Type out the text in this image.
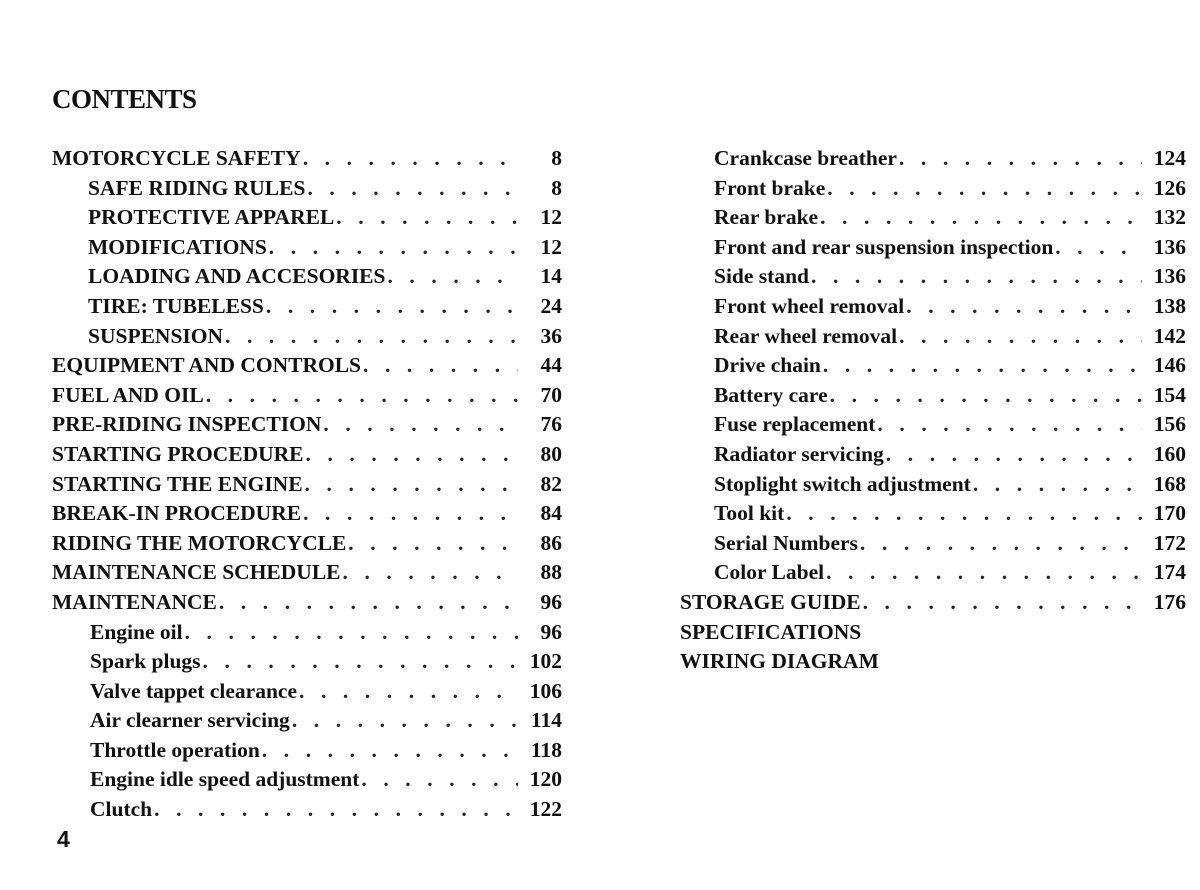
CONTENTS
MOTORCYCLE SAFETY . . .	8
SAFE RIDING RULES . . .	8
PROTECTIVE APPAREL . . .	12
MODIFICATIONS . . .	12
LOADING AND ACCESORIES . . .	14
TIRE: TUBELESS . . .	24
SUSPENSION . . .	36
EQUIPMENT AND CONTROLS . . .	44
FUEL AND OIL . . .	70
PRE-RIDING INSPECTION . . .	76
STARTING PROCEDURE . . .	80
STARTING THE ENGINE . . .	82
BREAK-IN PROCEDURE . . .	84
RIDING THE MOTORCYCLE . . .	86
MAINTENANCE SCHEDULE . . .	88
MAINTENANCE . . .	96
Engine oil . . .	96
Spark plugs . . .	102
Valve tappet clearance . . .	106
Air clearner servicing . . .	114
Throttle operation . . .	118
Engine idle speed adjustment . . .	120
Clutch . . .	122
Crankcase breather . . .	124
Front brake . . .	126
Rear brake . . .	132
Front and rear suspension inspection . . .	136
Side stand . . .	136
Front wheel removal . . .	138
Rear wheel removal . . .	142
Drive chain . . .	146
Battery care . . .	154
Fuse replacement . . .	156
Radiator servicing . . .	160
Stoplight switch adjustment . . .	168
Tool kit . . .	170
Serial Numbers . . .	172
Color Label . . .	174
STORAGE GUIDE . . .	176
SPECIFICATIONS
WIRING DIAGRAM
4
